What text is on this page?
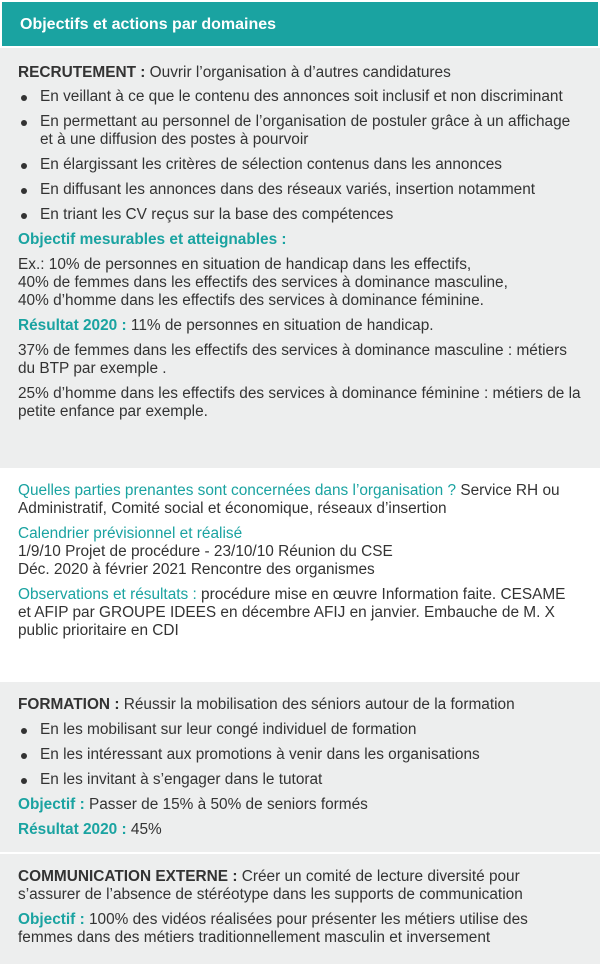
Objectifs et actions par domaines

RECRUTEMENT : Ouvrir l’organisation à d’autres candidatures

En veillant à ce que le contenu des annonces soit inclusif et non discriminant
En permettant au personnel de l’organisation de postuler grâce à un affichage et à une diffusion des postes à pourvoir
En élargissant les critères de sélection contenus dans les annonces
En diffusant les annonces dans des réseaux variés, insertion notamment
En triant les CV reçus sur la base des compétences

Objectif mesurables et atteignables :

Ex.: 10% de personnes en situation de handicap dans les effectifs,

40% de femmes dans les effectifs des services à dominance masculine,

40% d’homme dans les effectifs des services à dominance féminine.

Résultat 2020 : 11% de personnes en situation de handicap.

37% de femmes dans les effectifs des services à dominance masculine : métiers du BTP par exemple .

25% d’homme dans les effectifs des services à dominance féminine : métiers de la petite enfance par exemple.

Quelles parties prenantes sont concernées dans l’organisation ? Service RH ou Administratif, Comité social et économique, réseaux d’insertion

Calendrier prévisionnel et réalisé

1/9/10 Projet de procédure - 23/10/10 Réunion du CSE

Déc. 2020 à février 2021 Rencontre des organismes

Observations et résultats : procédure mise en œuvre Information faite. CESAME et AFIP par GROUPE IDEES en décembre AFIJ en janvier. Embauche de M. X public prioritaire en CDI

FORMATION : Réussir la mobilisation des séniors autour de la formation

En les mobilisant sur leur congé individuel de formation
En les intéressant aux promotions à venir dans les organisations
En les invitant à s’engager dans le tutorat

Objectif : Passer de 15% à 50% de seniors formés

Résultat 2020 : 45%

COMMUNICATION EXTERNE : Créer un comité de lecture diversité pour s’assurer de l’absence de stéréotype dans les supports de communication

Objectif : 100% des vidéos réalisées pour présenter les métiers utilise des femmes dans des métiers traditionnellement masculin et inversement
